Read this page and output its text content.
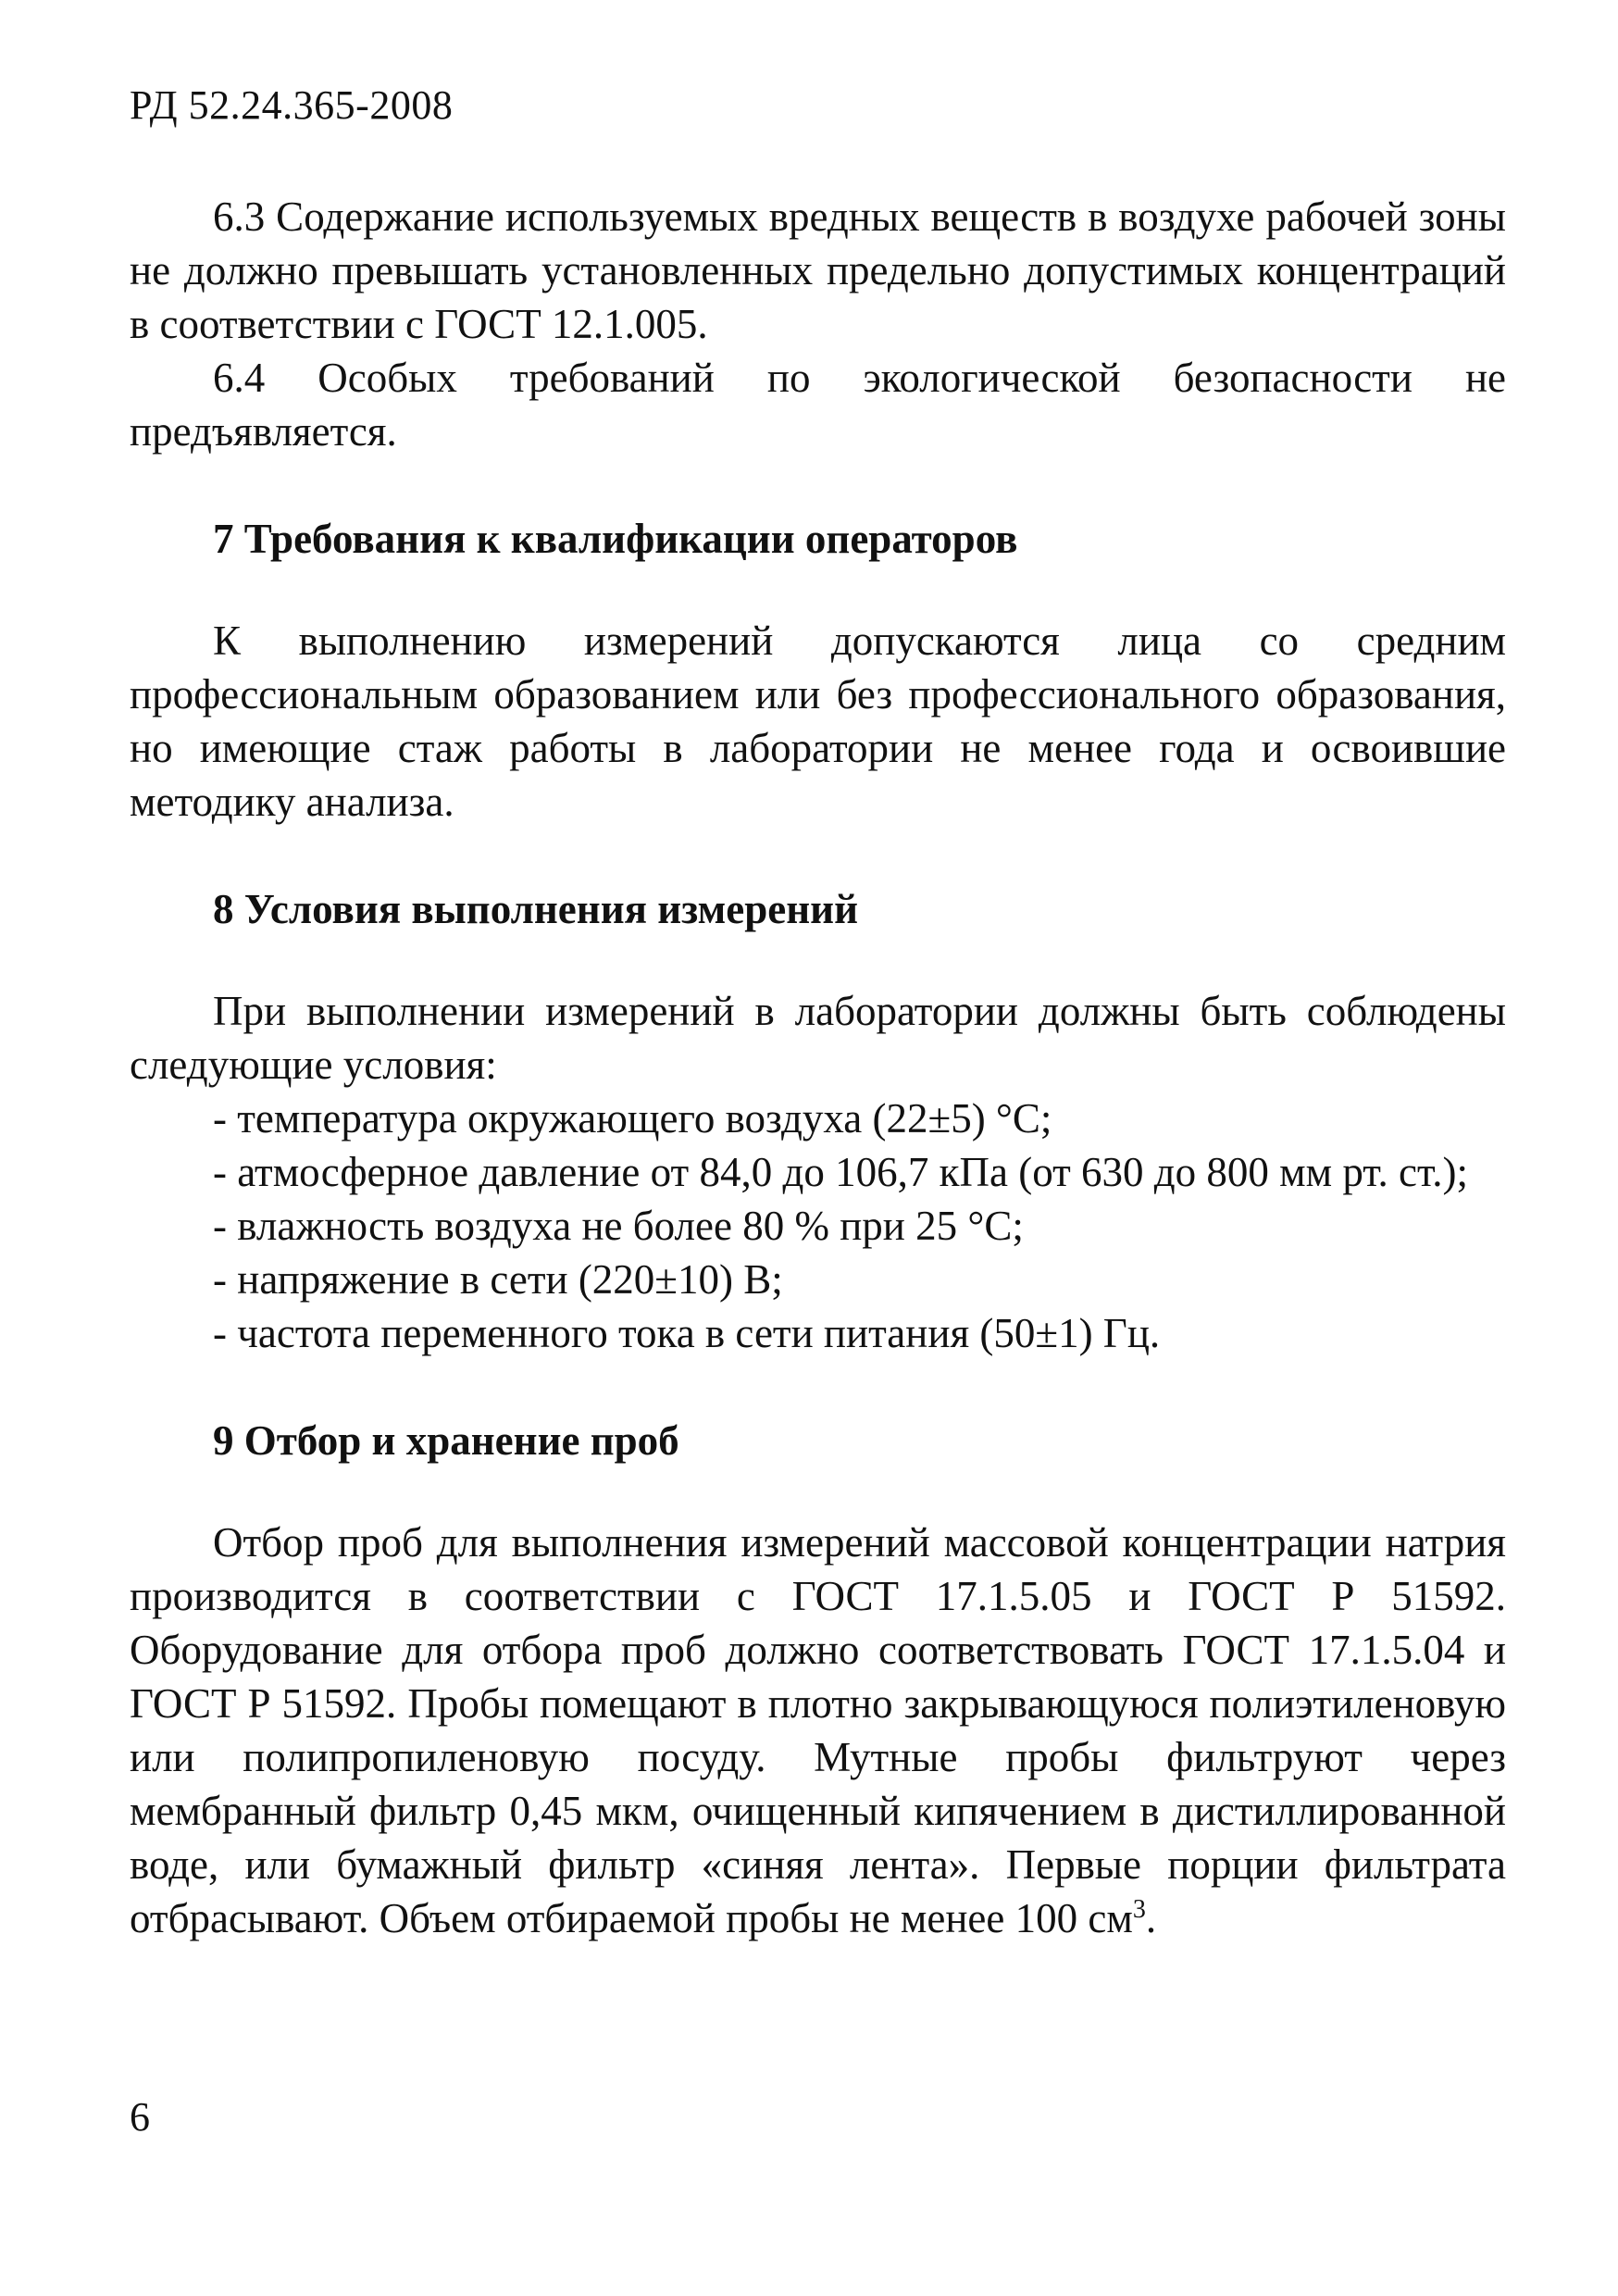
РД 52.24.365-2008

6.3 Содержание используемых вредных веществ в воздухе рабочей зоны не должно превышать установленных предельно допустимых концентраций в соответствии с ГОСТ 12.1.005.

6.4 Особых требований по экологической безопасности не предъявляется.

7 Требования к квалификации операторов

К выполнению измерений допускаются лица со средним профессиональным образованием или без профессионального образования, но имеющие стаж работы в лаборатории не менее года и освоившие методику анализа.

8 Условия выполнения измерений

При выполнении измерений в лаборатории должны быть соблюдены следующие условия:

- температура окружающего воздуха (22±5) °С;
- атмосферное давление от 84,0 до 106,7 кПа (от 630 до 800 мм рт. ст.);
- влажность воздуха не более 80 % при 25 °С;
- напряжение в сети (220±10) В;
- частота переменного тока в сети питания (50±1) Гц.
9 Отбор и хранение проб

Отбор проб для выполнения измерений массовой концентрации натрия производится в соответствии с ГОСТ 17.1.5.05 и ГОСТ Р 51592. Оборудование для отбора проб должно соответствовать ГОСТ 17.1.5.04 и ГОСТ Р 51592. Пробы помещают в плотно закрывающуюся полиэтиленовую или полипропиленовую посуду. Мутные пробы фильтруют через мембранный фильтр 0,45 мкм, очищенный кипячением в дистиллированной воде, или бумажный фильтр «синяя лента». Первые порции фильтрата отбрасывают. Объем отбираемой пробы не менее 100 $см^3$.

6
